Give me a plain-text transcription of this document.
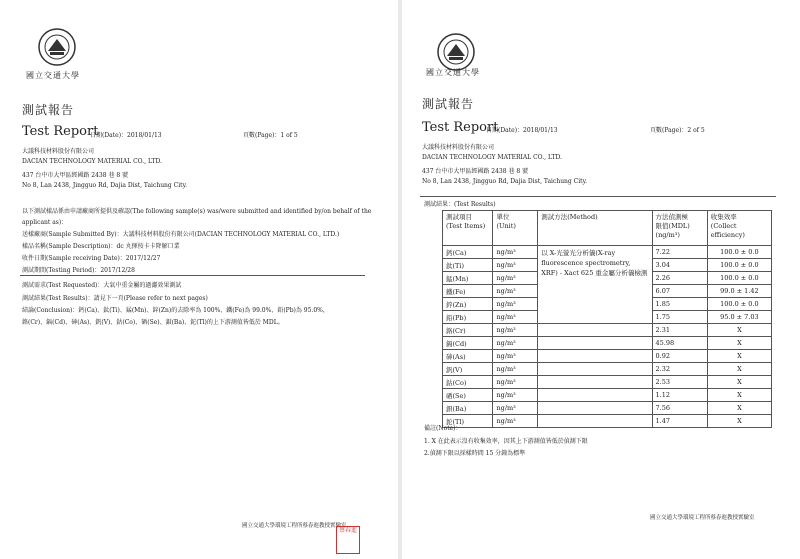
國立交通大學
測試報告
Test Report
日期(Date)：2018/01/13	頁數(Page)：1 of 5
大議科技材料股份有限公司
DACIAN TECHNOLOGY MATERIAL CO., LTD.
437 台中市大甲區經國路 2438 巷 8 號
No 8, Lan 2438, Jingguo Rd, Dajia Dist, Taichung City.
以下測試樣品係由申請廠商所提供及確認(The following sample(s) was/were submitted and identified by/on behalf of the
applicant as)：
送樣廠商(Sample Submitted By)：大議科技材料股份有限公司(DACIAN TECHNOLOGY MATERIAL CO., LTD.)
樣品名稱(Sample Description)：dc 丸揮按卡卡降解口業
收件日期(Sample receiving Date)：2017/12/27
測試期間(Testing Period)：2017/12/28
測試需求(Test Requested)：大氣中重金屬的過濾效果測試
測試結果(Test Results)：請見下一頁(Please refer to next pages)
結論(Conclusion)：鈣(Ca)、鈦(Ti)、錳(Mn)、鋅(Zn)的去除率為 100%、鐵(Fe)為 99.0%、鉛(Pb)為 95.0%，
鉻(Cr)、鎘(Cd)、砷(As)、釩(V)、鈷(Co)、硒(Se)、鋇(Ba)、鉈(Tl)的上下游測值皆低於 MDL。
國立交通大學環境工程所蔡春進教授實驗室
蔡春進
國立交通大學
測試報告
Test Report
日期(Date)：2018/01/13	頁數(Page)：2 of 5
大議科技材料股份有限公司
DACIAN TECHNOLOGY MATERIAL CO., LTD.
437 台中市大甲區經國路 2438 巷 8 號
No 8, Lan 2438, Jingguo Rd, Dajia Dist, Taichung City.
測試結果：(Test Results)
測試項目
(Test Items)	單位
(Unit)	測試方法(Method)	方法偵測極
限值(MDL)
(ng/m³)	收集效率
(Collect
efficiency)
鈣(Ca)	ng/m³	以 X-光螢光分析儀(X-ray fluorescence spectrometry, XRF) - Xact 625 重金屬分析儀檢測	7.22	100.0 ± 0.0
鈦(Ti)	ng/m³		3.04	100.0 ± 0.0
錳(Mn)	ng/m³		2.26	100.0 ± 0.0
鐵(Fe)	ng/m³		6.07	99.0 ± 1.42
鋅(Zn)	ng/m³		1.85	100.0 ± 0.0
鉛(Pb)	ng/m³		1.75	95.0 ± 7.03
鉻(Cr)	ng/m³		2.31	X
鎘(Cd)	ng/m³		45.98	X
砷(As)	ng/m³		0.92	X
釩(V)	ng/m³		2.32	X
鈷(Co)	ng/m³		2.53	X
硒(Se)	ng/m³		1.12	X
鋇(Ba)	ng/m³		7.56	X
鉈(Tl)	ng/m³		1.47	X
備註(Note)：
1. X 在此表示沒有收集效率，因其上下游測值皆低於偵測下限
2.偵測下限以採樣時間 15 分鐘為標準
國立交通大學環境工程所蔡春進教授實驗室
